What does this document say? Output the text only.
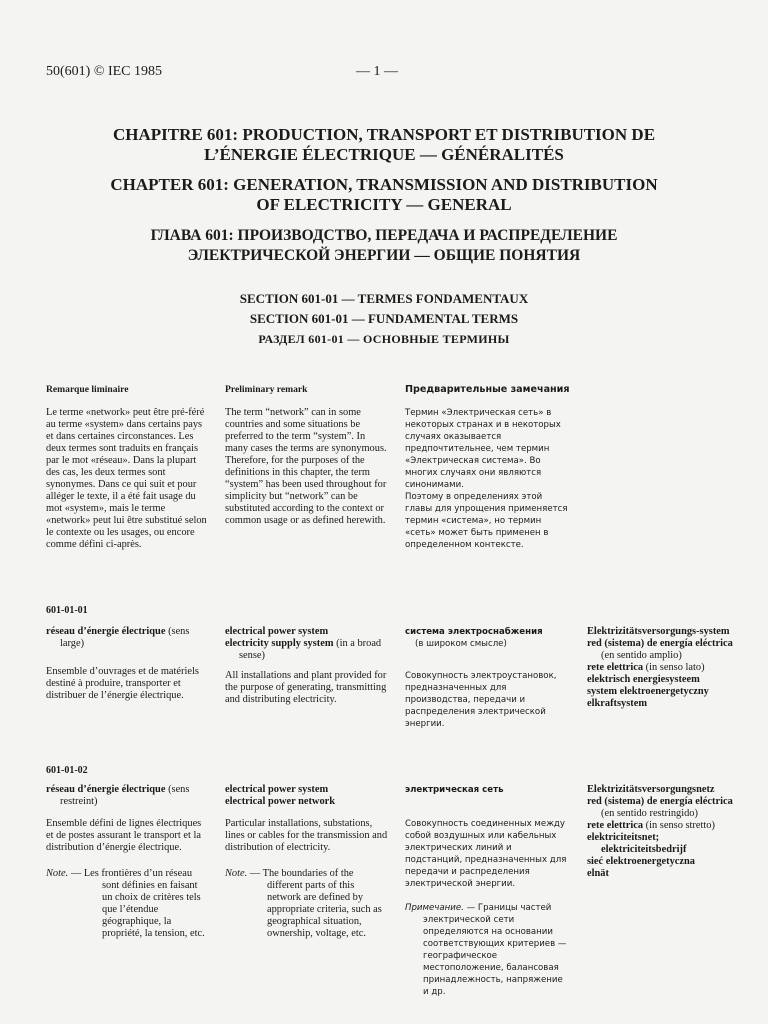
50(601) © IEC 1985	— 1 —
CHAPITRE 601: PRODUCTION, TRANSPORT ET DISTRIBUTION DE
L’ÉNERGIE ÉLECTRIQUE — GÉNÉRALITÉS
CHAPTER 601: GENERATION, TRANSMISSION AND DISTRIBUTION
OF ELECTRICITY — GENERAL
ГЛАВА 601: ПРОИЗВОДСТВО, ПЕРЕДАЧА И РАСПРЕДЕЛЕНИЕ
ЭЛЕКТРИЧЕСКОЙ ЭНЕРГИИ — ОБЩИЕ ПОНЯТИЯ
SECTION 601-01 — TERMES FONDAMENTAUX
SECTION 601-01 — FUNDAMENTAL TERMS
РАЗДЕЛ 601-01 — ОСНОВНЫЕ ТЕРМИНЫ
Remarque liminaire
Le terme «network» peut être pré-féré au terme «system» dans certains pays et dans certaines circonstances. Les deux termes sont traduits en français par le mot «réseau». Dans la plupart des cas, les deux termes sont synonymes. Dans ce qui suit et pour alléger le texte, il a été fait usage du mot «system», mais le terme «network» peut lui être substitué selon le contexte ou les usages, ou encore comme défini ci-après.
Preliminary remark
The term “network” can in some countries and some situations be preferred to the term “system”. In many cases the terms are synonymous.
Therefore, for the purposes of the definitions in this chapter, the term “system” has been used throughout for simplicity but “network” can be substituted according to the context or common usage or as defined herewith.
Предварительные замечания
Термин «Электрическая сеть» в некоторых странах и в некоторых случаях оказывается предпочтительнее, чем термин «Электрическая система». Во многих случаях они являются синонимами.
Поэтому в определениях этой главы для упрощения применяется термин «система», но термин «сеть» может быть применен в определенном контексте.
601-01-01
réseau d’énergie électrique (sens large)
Ensemble d’ouvrages et de matériels destiné à produire, transporter et distribuer de l’énergie électrique.
electrical power system
electricity supply system (in a broad sense)
All installations and plant provided for the purpose of generating, transmitting and distributing electricity.
система электроснабжения
(в широком смысле)
Совокупность электроустановок, предназначенных для производства, передачи и распределения электрической энергии.
Elektrizitätsversorgungs-system
red (sistema) de energía eléctrica (en sentido amplio)
rete elettrica (in senso lato)
elektrisch energiesysteem
system elektroenergetyczny
elkraftsystem
601-01-02
réseau d’énergie électrique (sens restreint)
Ensemble défini de lignes électriques et de postes assurant le transport et la distribution d’énergie électrique.
Note. — Les frontières d’un réseau sont définies en faisant un choix de critères tels que l’étendue géographique, la propriété, la tension, etc.
electrical power system
electrical power network
Particular installations, substations, lines or cables for the transmission and distribution of electricity.
Note. — The boundaries of the different parts of this network are defined by appropriate criteria, such as geographical situation, ownership, voltage, etc.
электрическая сеть
Совокупность соединенных между собой воздушных или кабельных электрических линий и подстанций, предназначенных для передачи и распределения электрической энергии.
Примечание. — Границы частей электрической сети определяются на основании соответствующих критериев — географическое местоположение, балансовая принадлежность, напряжение и др.
Elektrizitätsversorgungsnetz
red (sistema) de energía eléctrica (en sentido restringido)
rete elettrica (in senso stretto)
elektriciteitsnet; elektriciteitsbedrijf
sieć elektroenergetyczna
elnät
